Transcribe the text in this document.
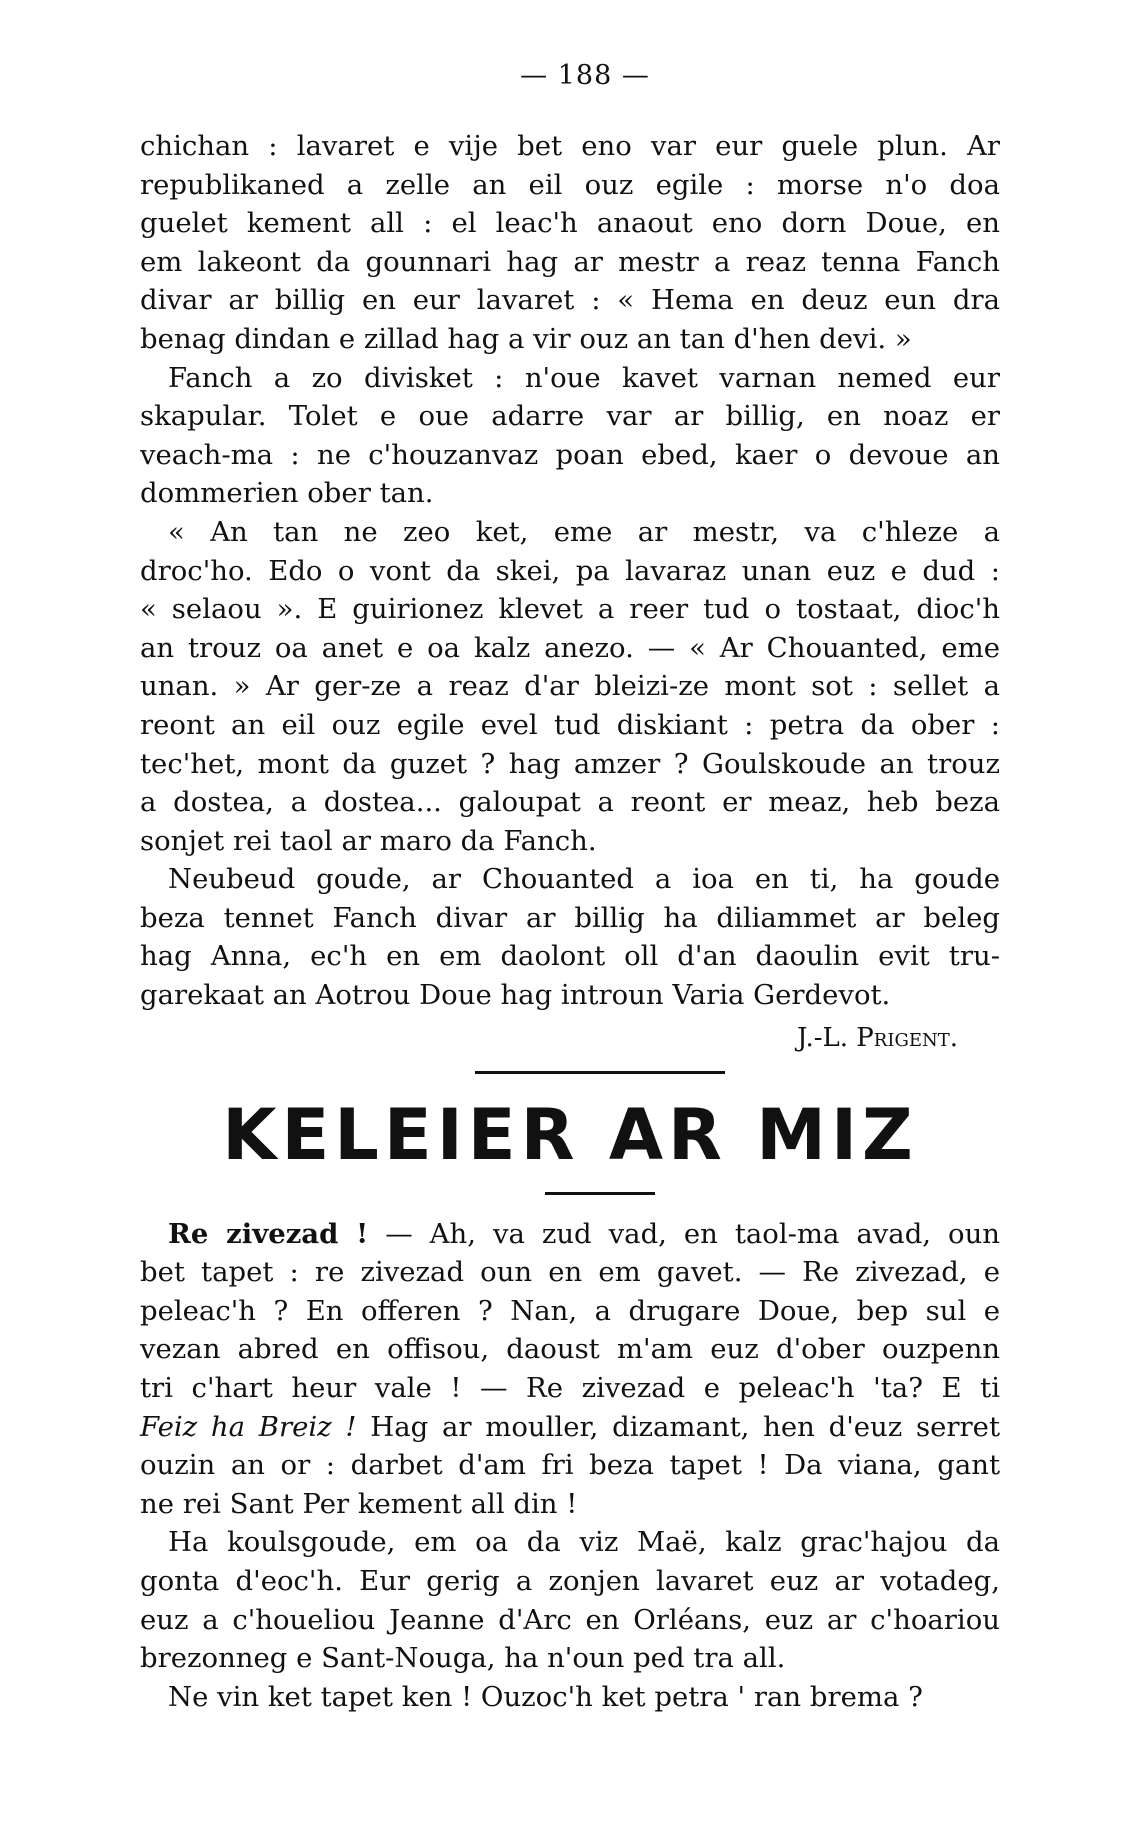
— 188 —
chichan : lavaret e vije bet eno var eur guele plun. Ar
republikaned a zelle an eil ouz egile : morse n'o doa
guelet kement all : el leac'h anaout eno dorn Doue, en
em lakeont da gounnari hag ar mestr a reaz tenna Fanch
divar ar billig en eur lavaret : « Hema en deuz eun dra
benag dindan e zillad hag a vir ouz an tan d'hen devi. »
Fanch a zo divisket : n'oue kavet varnan nemed eur
skapular. Tolet e oue adarre var ar billig, en noaz er
veach-ma : ne c'houzanvaz poan ebed, kaer o devoue an
dommerien ober tan.
« An tan ne zeo ket, eme ar mestr, va c'hleze a
droc'ho. Edo o vont da skei, pa lavaraz unan euz e dud :
« selaou ». E guirionez klevet a reer tud o tostaat, dioc'h
an trouz oa anet e oa kalz anezo. — « Ar Chouanted, eme
unan. » Ar ger-ze a reaz d'ar bleizi-ze mont sot : sellet a
reont an eil ouz egile evel tud diskiant : petra da ober :
tec'het, mont da guzet ? hag amzer ? Goulskoude an trouz
a dostea, a dostea... galoupat a reont er meaz, heb beza
sonjet rei taol ar maro da Fanch.
Neubeud goude, ar Chouanted a ioa en ti, ha goude
beza tennet Fanch divar ar billig ha diliammet ar beleg
hag Anna, ec'h en em daolont oll d'an daoulin evit tru-
garekaat an Aotrou Doue hag introun Varia Gerdevot.
J.-L. Prigent.
KELEIER AR MIZ
Re zivezad ! — Ah, va zud vad, en taol-ma avad, oun
bet tapet : re zivezad oun en em gavet. — Re zivezad, e
peleac'h ? En offeren ? Nan, a drugare Doue, bep sul e
vezan abred en offisou, daoust m'am euz d'ober ouzpenn
tri c'hart heur vale ! — Re zivezad e peleac'h 'ta? E ti
Feiz ha Breiz ! Hag ar mouller, dizamant, hen d'euz serret
ouzin an or : darbet d'am fri beza tapet ! Da viana, gant
ne rei Sant Per kement all din !
Ha koulsgoude, em oa da viz Maë, kalz grac'hajou da
gonta d'eoc'h. Eur gerig a zonjen lavaret euz ar votadeg,
euz a c'houeliou Jeanne d'Arc en Orléans, euz ar c'hoariou
brezonneg e Sant-Nouga, ha n'oun ped tra all.
Ne vin ket tapet ken ! Ouzoc'h ket petra ' ran brema ?
